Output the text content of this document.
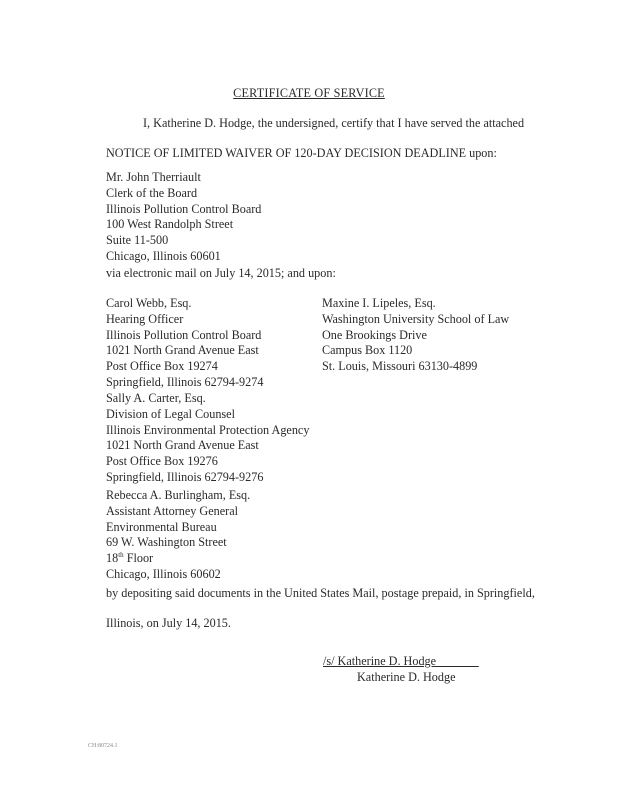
CERTIFICATE OF SERVICE
I, Katherine D. Hodge, the undersigned, certify that I have served the attached
NOTICE OF LIMITED WAIVER OF 120-DAY DECISION DEADLINE upon:
Mr. John Therriault
Clerk of the Board
Illinois Pollution Control Board
100 West Randolph Street
Suite 11-500
Chicago, Illinois 60601
via electronic mail on July 14, 2015; and upon:
Carol Webb, Esq.
Hearing Officer
Illinois Pollution Control Board
1021 North Grand Avenue East
Post Office Box 19274
Springfield, Illinois 62794-9274
Maxine I. Lipeles, Esq.
Washington University School of Law
One Brookings Drive
Campus Box 1120
St. Louis, Missouri 63130-4899
Sally A. Carter, Esq.
Division of Legal Counsel
Illinois Environmental Protection Agency
1021 North Grand Avenue East
Post Office Box 19276
Springfield, Illinois 62794-9276
Rebecca A. Burlingham, Esq.
Assistant Attorney General
Environmental Bureau
69 W. Washington Street
18th Floor
Chicago, Illinois 60602
by depositing said documents in the United States Mail, postage prepaid, in Springfield,
Illinois, on July 14, 2015.
/s/ Katherine D. Hodge
Katherine D. Hodge
CH:80724.1
